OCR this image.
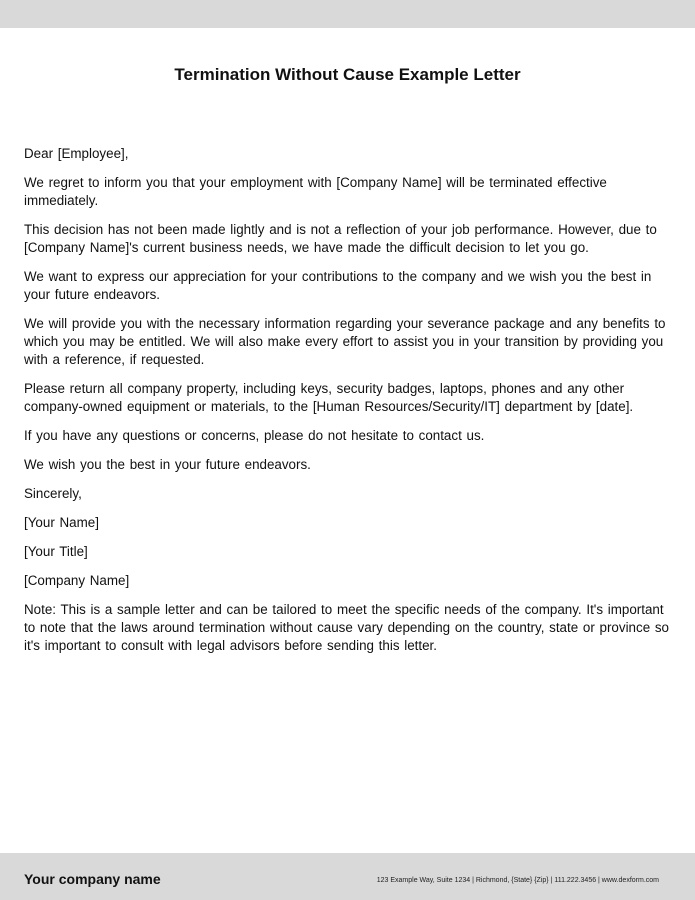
Termination Without Cause Example Letter

Dear [Employee],

We regret to inform you that your employment with [Company Name] will be terminated effective immediately.

This decision has not been made lightly and is not a reflection of your job performance. However, due to [Company Name]'s current business needs, we have made the difficult decision to let you go.

We want to express our appreciation for your contributions to the company and we wish you the best in your future endeavors.

We will provide you with the necessary information regarding your severance package and any benefits to which you may be entitled. We will also make every effort to assist you in your transition by providing you with a reference, if requested.

Please return all company property, including keys, security badges, laptops, phones and any other company-owned equipment or materials, to the [Human Resources/Security/IT] department by [date].

If you have any questions or concerns, please do not hesitate to contact us.

We wish you the best in your future endeavors.

Sincerely,

[Your Name]

[Your Title]

[Company Name]

Note: This is a sample letter and can be tailored to meet the specific needs of the company. It's important to note that the laws around termination without cause vary depending on the country, state or province so it's important to consult with legal advisors before sending this letter.

Your company name	123 Example Way, Suite 1234 | Richmond, {State} {Zip} | 111.222.3456 | www.dexform.com
